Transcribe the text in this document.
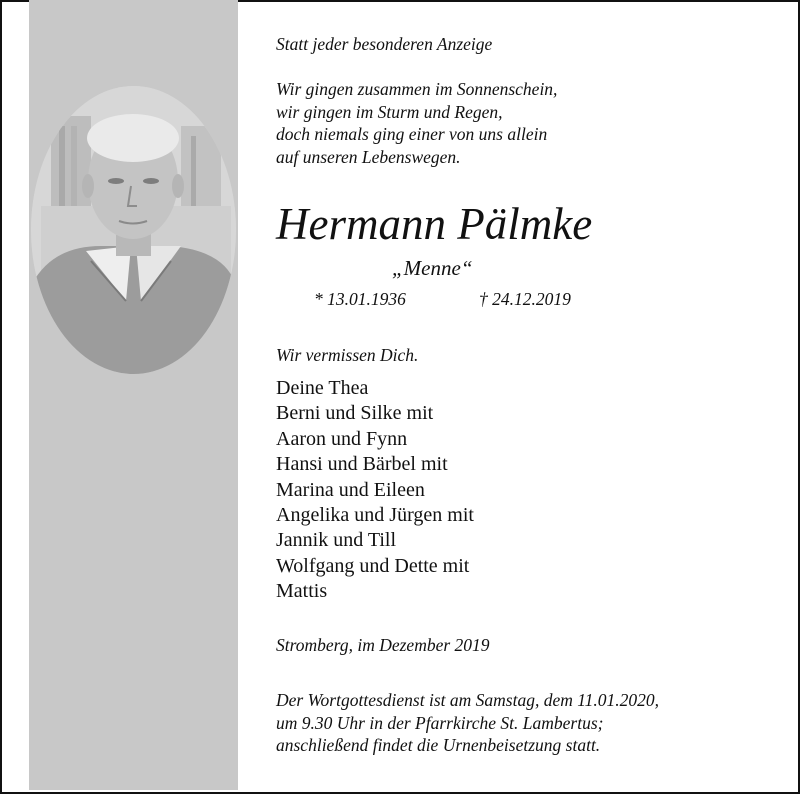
Statt jeder besonderen Anzeige
Wir gingen zusammen im Sonnenschein,
wir gingen im Sturm und Regen,
doch niemals ging einer von uns allein
auf unseren Lebenswegen.
Hermann Pälmke
„Menne“
* 13.01.1936	† 24.12.2019
Wir vermissen Dich.
Deine Thea
Berni und Silke mit
Aaron und Fynn
Hansi und Bärbel mit
Marina und Eileen
Angelika und Jürgen mit
Jannik und Till
Wolfgang und Dette mit
Mattis
Stromberg, im Dezember 2019
Der Wortgottesdienst ist am Samstag, dem 11.01.2020,
um 9.30 Uhr in der Pfarrkirche St. Lambertus;
anschließend findet die Urnenbeisetzung statt.
